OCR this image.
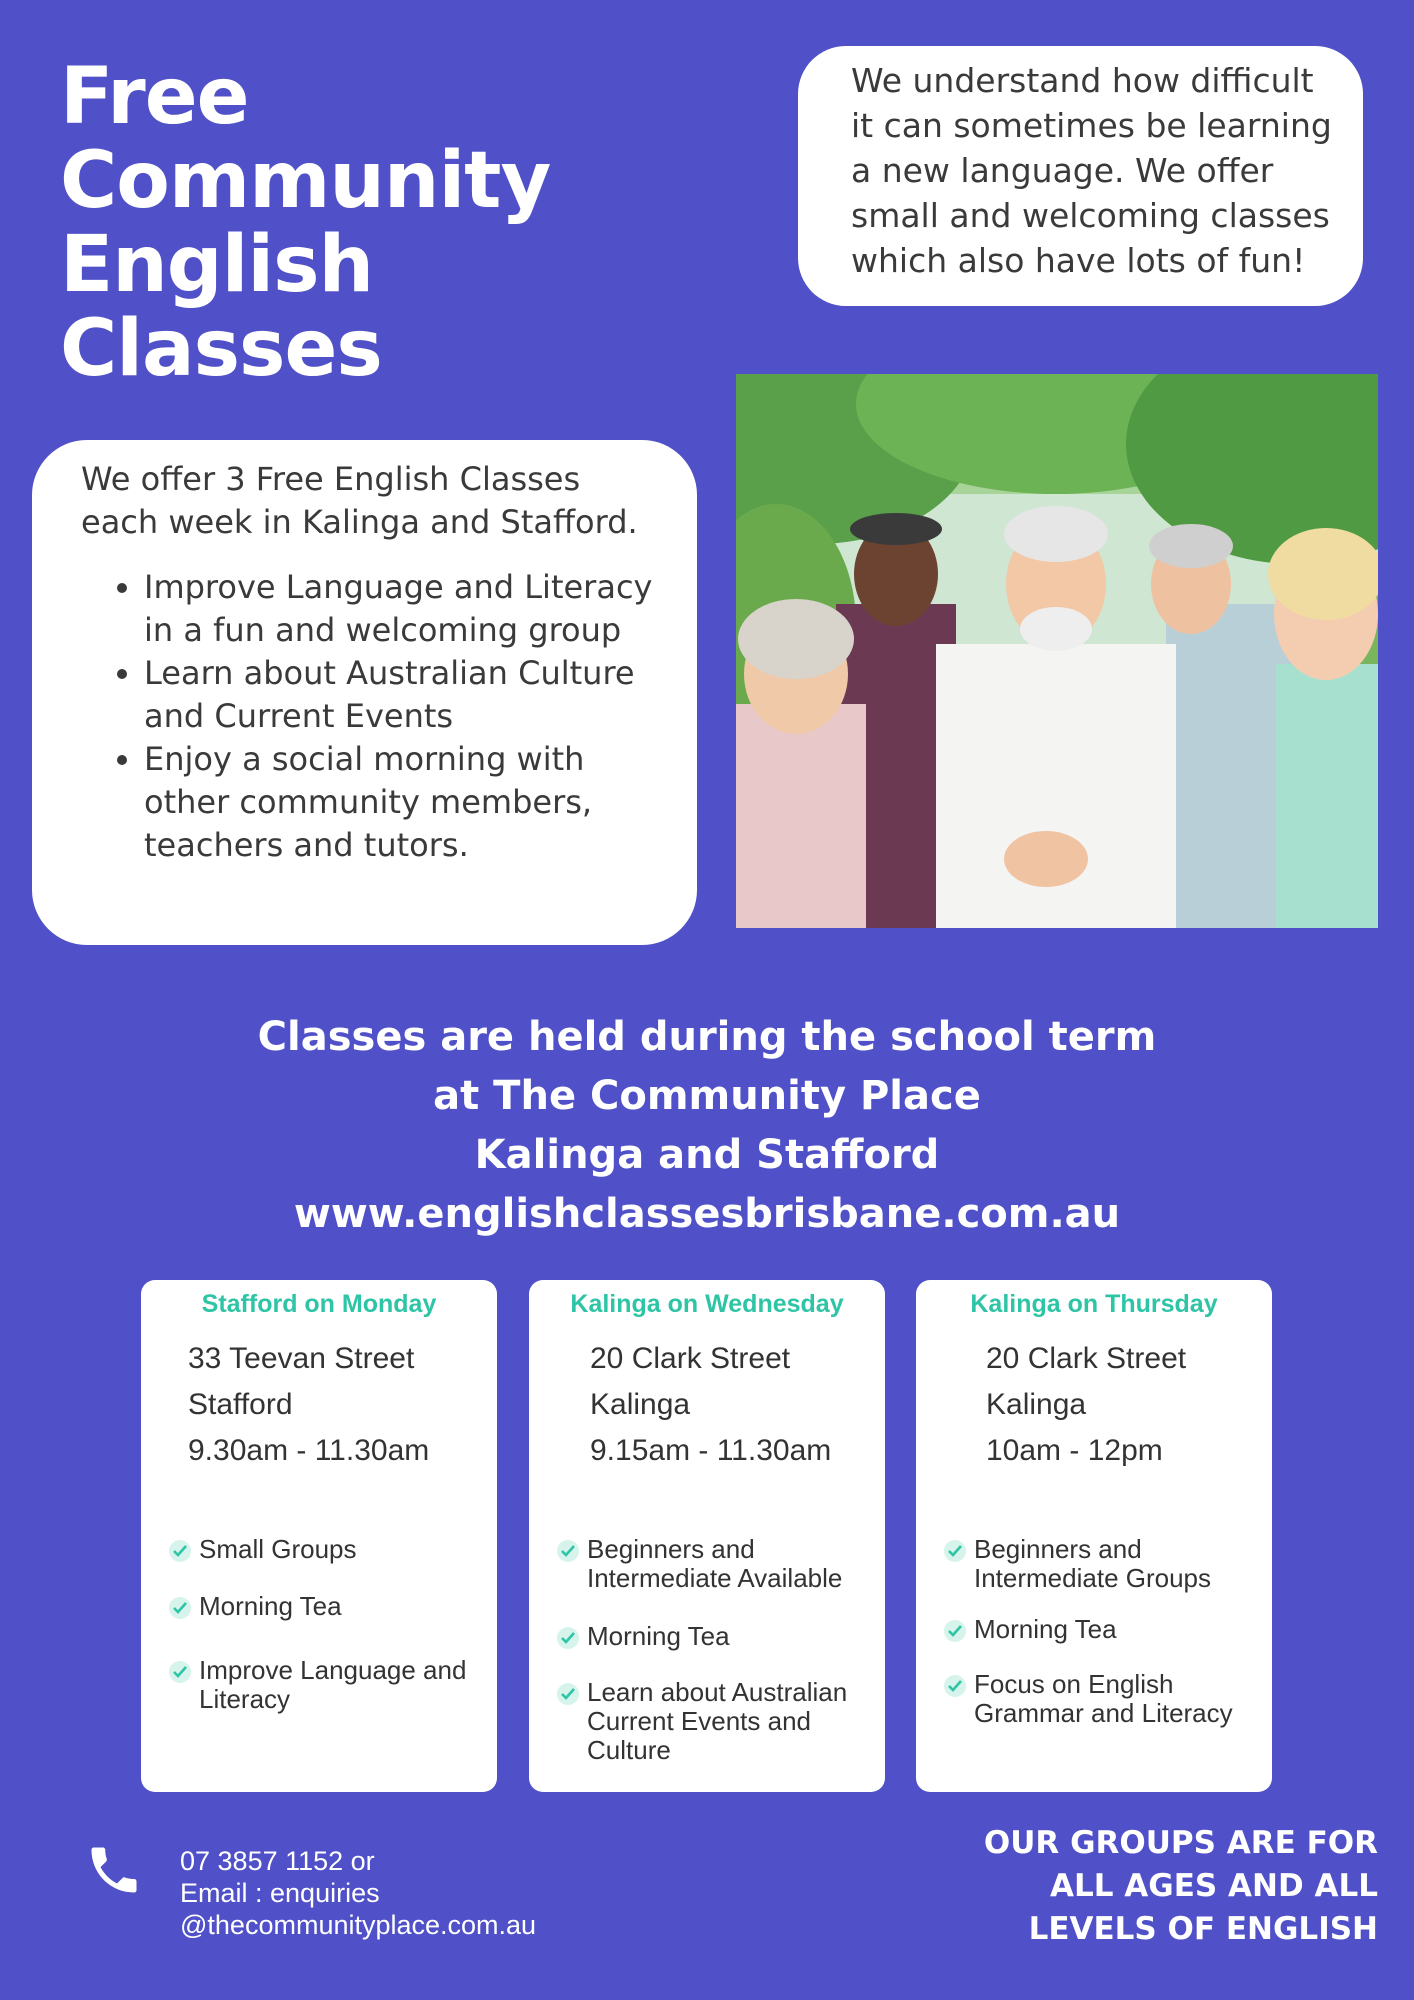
Free
Community
English
Classes
We understand how difficult it can sometimes be learning a new language. We offer small and welcoming classes which also have lots of fun!
We offer 3 Free English Classes each week in Kalinga and Stafford.
• Improve Language and Literacy in a fun and welcoming group
• Learn about Australian Culture and Current Events
• Enjoy a social morning with other community members, teachers and tutors.
Classes are held during the school term
at The Community Place
Kalinga and Stafford
www.englishclassesbrisbane.com.au
Stafford on Monday
33 Teevan Street
Stafford
9.30am - 11.30am
Small Groups
Morning Tea
Improve Language and Literacy
Kalinga on Wednesday
20 Clark Street
Kalinga
9.15am - 11.30am
Beginners and Intermediate Available
Morning Tea
Learn about Australian Current Events and Culture
Kalinga on Thursday
20 Clark Street
Kalinga
10am - 12pm
Beginners and Intermediate Groups
Morning Tea
Focus on English Grammar and Literacy
07 3857 1152 or
Email : enquiries
@thecommunityplace.com.au
OUR GROUPS ARE FOR
ALL AGES AND ALL
LEVELS OF ENGLISH
